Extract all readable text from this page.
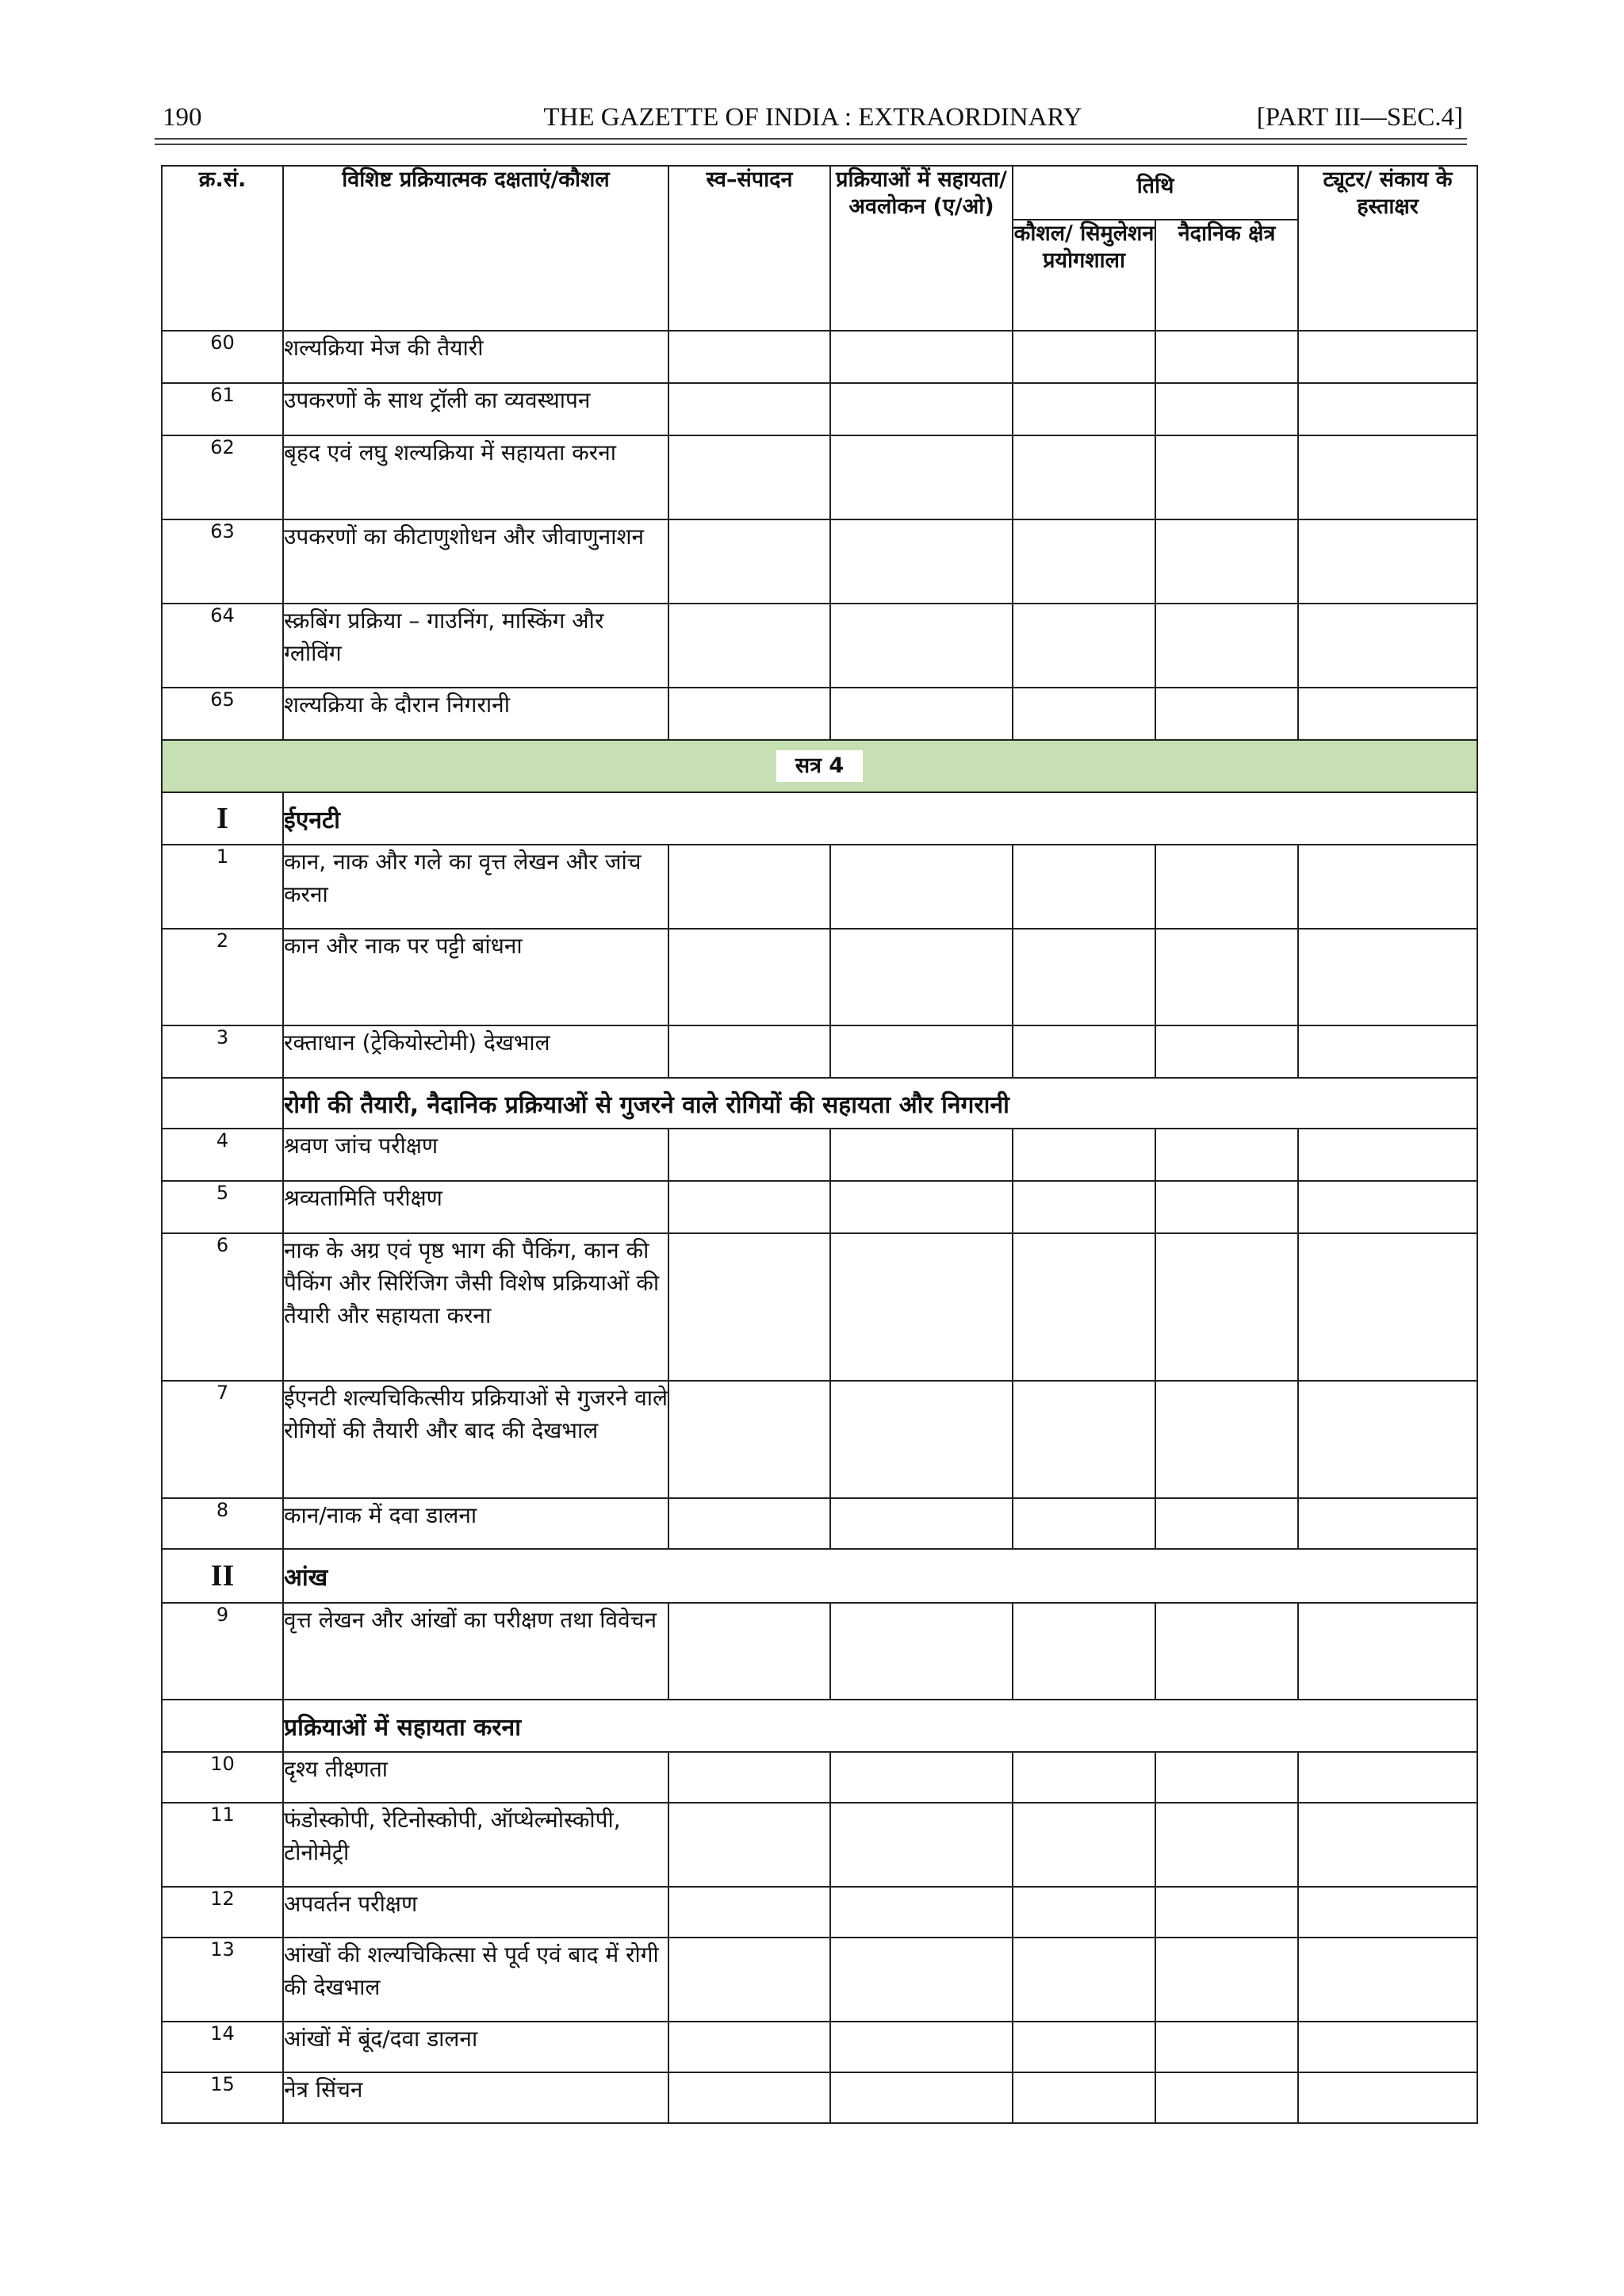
190	THE GAZETTE OF INDIA : EXTRAORDINARY	[PART III—SEC.4]
क्र.सं.	विशिष्ट प्रक्रियात्मक दक्षताएं/कौशल	स्व–संपादन	प्रक्रियाओं में सहायता/ अवलोकन (ए/ओ)	तिथि		ट्यूटर/ संकाय के हस्ताक्षर
				कौशल/ सिमुलेशन प्रयोगशाला	नैदानिक क्षेत्र	
60	शल्यक्रिया मेज की तैयारी					
61	उपकरणों के साथ ट्रॉली का व्यवस्थापन					
62	बृहद एवं लघु शल्यक्रिया में सहायता करना					
63	उपकरणों का कीटाणुशोधन और जीवाणुनाशन					
64	स्क्रबिंग प्रक्रिया – गाउनिंग, मास्किंग और ग्लोविंग					
65	शल्यक्रिया के दौरान निगरानी					
सत्र 4						
I	ईएनटी					
1	कान, नाक और गले का वृत्त लेखन और जांच करना					
2	कान और नाक पर पट्टी बांधना					
3	रक्ताधान (ट्रेकियोस्टोमी) देखभाल					
	रोगी की तैयारी, नैदानिक प्रक्रियाओं से गुजरने वाले रोगियों की सहायता और निगरानी					
4	श्रवण जांच परीक्षण					
5	श्रव्यतामिति परीक्षण					
6	नाक के अग्र एवं पृष्ठ भाग की पैकिंग, कान की पैकिंग और सिरिंजिग जैसी विशेष प्रक्रियाओं की तैयारी और सहायता करना					
7	ईएनटी शल्यचिकित्सीय प्रक्रियाओं से गुजरने वाले रोगियों की तैयारी और बाद की देखभाल					
8	कान/नाक में दवा डालना					
II	आंख					
9	वृत्त लेखन और आंखों का परीक्षण तथा विवेचन					
	प्रक्रियाओं में सहायता करना					
10	दृश्य तीक्ष्णता					
11	फंडोस्कोपी, रेटिनोस्कोपी, ऑप्थेल्मोस्कोपी, टोनोमेट्री					
12	अपवर्तन परीक्षण					
13	आंखों की शल्यचिकित्सा से पूर्व एवं बाद में रोगी की देखभाल					
14	आंखों में बूंद/दवा डालना					
15	नेत्र सिंचन					
